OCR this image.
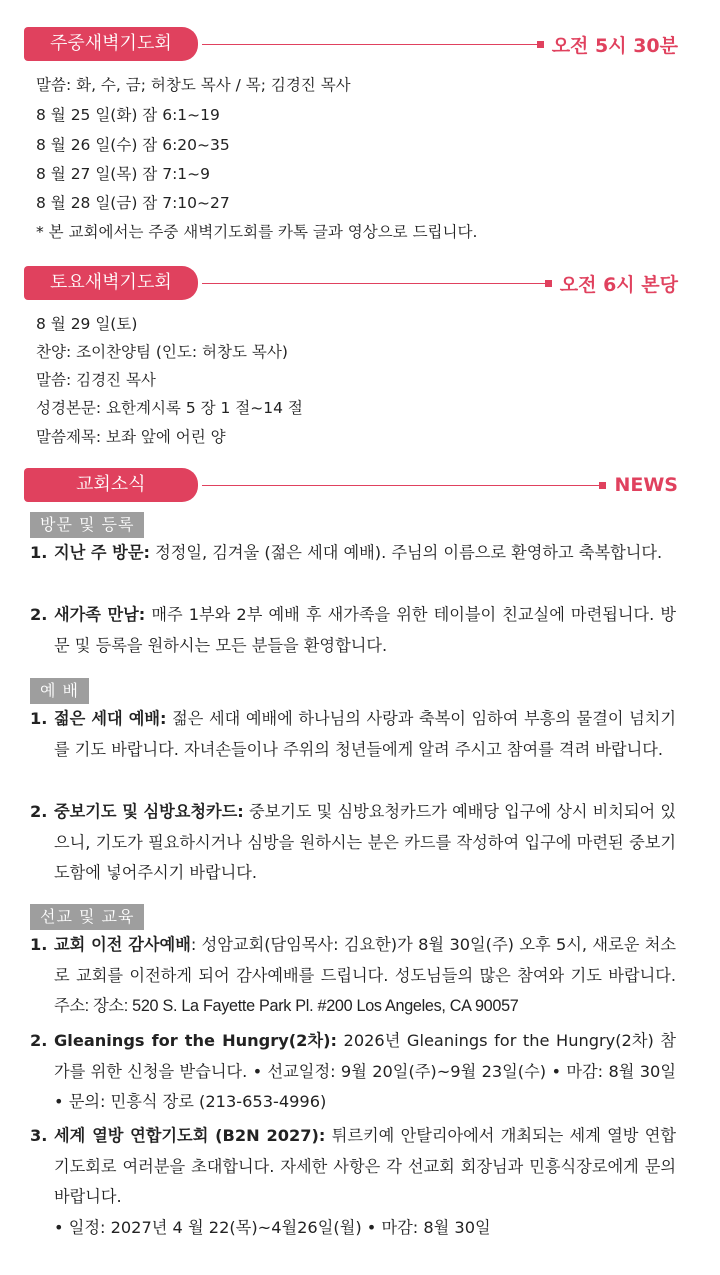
주중새벽기도회	오전 5시 30분
말씀: 화, 수, 금; 허창도 목사 / 목; 김경진 목사
8 월 25 일(화) 잠 6:1~19
8 월 26 일(수) 잠 6:20~35
8 월 27 일(목) 잠 7:1~9
8 월 28 일(금) 잠 7:10~27
* 본 교회에서는 주중 새벽기도회를 카톡 글과 영상으로 드립니다.
토요새벽기도회	오전 6시 본당
8 월 29 일(토)
찬양: 조이찬양팀 (인도: 허창도 목사)
말씀: 김경진 목사
성경본문: 요한계시록 5 장 1 절~14 절
말씀제목: 보좌 앞에 어린 양
교회소식	NEWS
방문 및 등록
1. 지난 주 방문: 정정일, 김겨울 (젊은 세대 예배). 주님의 이름으로 환영하고 축복합니다.
2. 새가족 만남: 매주 1부와 2부 예배 후 새가족을 위한 테이블이 친교실에 마련됩니다. 방문 및 등록을 원하시는 모든 분들을 환영합니다.
예 배
1. 젊은 세대 예배: 젊은 세대 예배에 하나님의 사랑과 축복이 임하여 부흥의 물결이 넘치기를 기도 바랍니다. 자녀손들이나 주위의 청년들에게 알려 주시고 참여를 격려 바랍니다.
2. 중보기도 및 심방요청카드: 중보기도 및 심방요청카드가 예배당 입구에 상시 비치되어 있으니, 기도가 필요하시거나 심방을 원하시는 분은 카드를 작성하여 입구에 마련된 중보기도함에 넣어주시기 바랍니다.
선교 및 교육
1. 교회 이전 감사예배: 성암교회(담임목사: 김요한)가 8월 30일(주) 오후 5시, 새로운 처소로 교회를 이전하게 되어 감사예배를 드립니다. 성도님들의 많은 참여와 기도 바랍니다. 주소: 장소: 520 S. La Fayette Park Pl. #200 Los Angeles, CA 90057
2. Gleanings for the Hungry(2차): 2026년 Gleanings for the Hungry(2차) 참가를 위한 신청을 받습니다. • 선교일정: 9월 20일(주)~9월 23일(수) • 마감: 8월 30일 • 문의: 민흥식 장로 (213-653-4996)
3. 세계 열방 연합기도회 (B2N 2027): 튀르키예 안탈리아에서 개최되는 세계 열방 연합기도회로 여러분을 초대합니다. 자세한 사항은 각 선교회 회장님과 민흥식장로에게 문의 바랍니다.
• 일정: 2027년 4 월 22(목)~4월26일(월) • 마감: 8월 30일
